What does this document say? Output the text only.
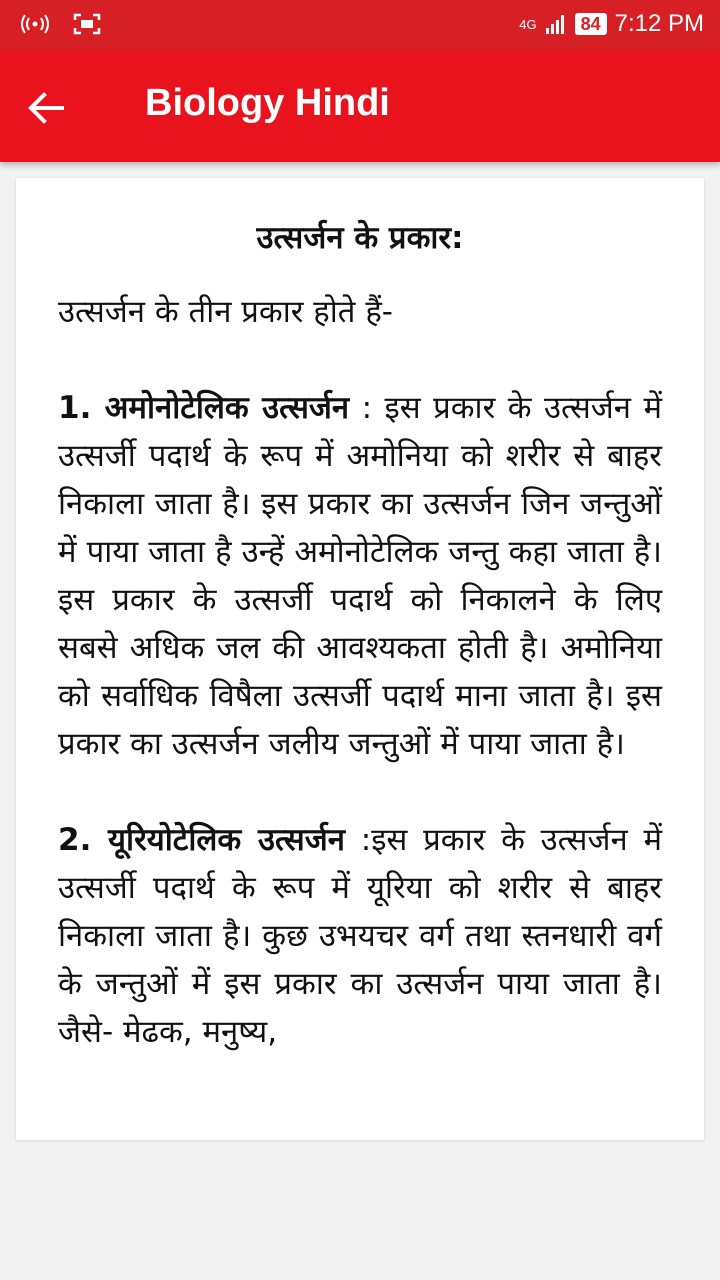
4G	84 7:12 PM
Biology Hindi

उत्सर्जन के प्रकार:

उत्सर्जन के तीन प्रकार होते हैं-

1. अमोनोटेलिक उत्सर्जन : इस प्रकार के उत्सर्जन में उत्सर्जी पदार्थ के रूप में अमोनिया को शरीर से बाहर निकाला जाता है। इस प्रकार का उत्सर्जन जिन जन्तुओं में पाया जाता है उन्हें अमोनोटेलिक जन्तु कहा जाता है। इस प्रकार के उत्सर्जी पदार्थ को निकालने के लिए सबसे अधिक जल की आवश्यकता होती है। अमोनिया को सर्वाधिक विषैला उत्सर्जी पदार्थ माना जाता है। इस प्रकार का उत्सर्जन जलीय जन्तुओं में पाया जाता है।

2. यूरियोटेलिक उत्सर्जन :इस प्रकार के उत्सर्जन में उत्सर्जी पदार्थ के रूप में यूरिया को शरीर से बाहर निकाला जाता है। कुछ उभयचर वर्ग तथा स्तनधारी वर्ग के जन्तुओं में इस प्रकार का उत्सर्जन पाया जाता है। जैसे- मेढक, मनुष्य,
